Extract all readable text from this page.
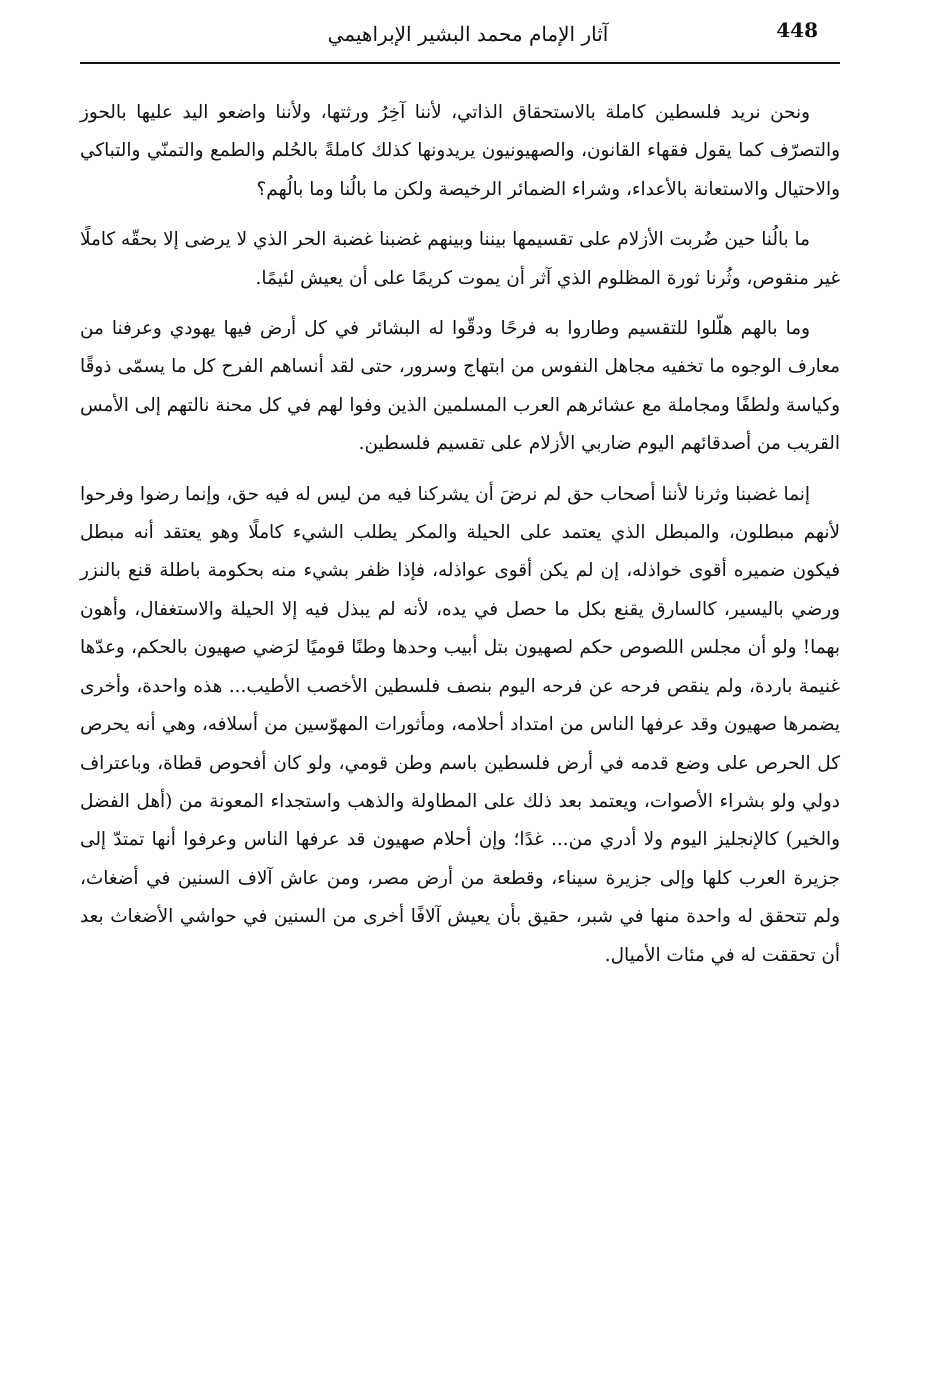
448
آثار الإمام محمد البشير الإبراهيمي

ونحن نريد فلسطين كاملة بالاستحقاق الذاتي، لأننا آخِرُ ورثتها، ولأننا واضعو اليد عليها بالحوز والتصرّف كما يقول فقهاء القانون، والصهيونيون يريدونها كذلك كاملةً بالحُلم والطمع والتمنّي والتباكي والاحتيال والاستعانة بالأعداء، وشراء الضمائر الرخيصة ولكن ما بالُنا وما بالُهم؟

ما بالُنا حين ضُربت الأزلام على تقسيمها بيننا وبينهم غضبنا غضبة الحر الذي لا يرضى إلا بحقّه كاملًا غير منقوص، وثُرنا ثورة المظلوم الذي آثر أن يموت كريمًا على أن يعيش لئيمًا.

وما بالهم هلّلوا للتقسيم وطاروا به فرحًا ودقّوا له البشائر في كل أرض فيها يهودي وعرفنا من معارف الوجوه ما تخفيه مجاهل النفوس من ابتهاج وسرور، حتى لقد أنساهم الفرح كل ما يسمّى ذوقًا وكياسة ولطفًا ومجاملة مع عشائرهم العرب المسلمين الذين وفوا لهم في كل محنة نالتهم إلى الأمس القريب من أصدقائهم اليوم ضاربي الأزلام على تقسيم فلسطين.

إنما غضبنا وثرنا لأننا أصحاب حق لم نرضَ أن يشركنا فيه من ليس له فيه حق، وإنما رضوا وفرحوا لأنهم مبطلون، والمبطل الذي يعتمد على الحيلة والمكر يطلب الشيء كاملًا وهو يعتقد أنه مبطل فيكون ضميره أقوى خواذله، إن لم يكن أقوى عواذله، فإذا ظفر بشيء منه بحكومة باطلة قنع بالنزر ورضي باليسير، كالسارق يقنع بكل ما حصل في يده، لأنه لم يبذل فيه إلا الحيلة والاستغفال، وأهون بهما! ولو أن مجلس اللصوص حكم لصهيون بتل أبيب وحدها وطنًا قوميًا لرَضي صهيون بالحكم، وعدّها غنيمة باردة، ولم ينقص فرحه عن فرحه اليوم بنصف فلسطين الأخصب الأطيب... هذه واحدة، وأخرى يضمرها صهيون وقد عرفها الناس من امتداد أحلامه، ومأثورات المهوّسين من أسلافه، وهي أنه يحرص كل الحرص على وضع قدمه في أرض فلسطين باسم وطن قومي، ولو كان أفحوص قطاة، وباعتراف دولي ولو بشراء الأصوات، ويعتمد بعد ذلك على المطاولة والذهب واستجداء المعونة من (أهل الفضل والخير) كالإنجليز اليوم ولا أدري من... غدًا؛ وإن أحلام صهيون قد عرفها الناس وعرفوا أنها تمتدّ إلى جزيرة العرب كلها وإلى جزيرة سيناء، وقطعة من أرض مصر، ومن عاش آلاف السنين في أضغاث، ولم تتحقق له واحدة منها في شبر، حقيق بأن يعيش آلافًا أخرى من السنين في حواشي الأضغاث بعد أن تحققت له في مئات الأميال.
